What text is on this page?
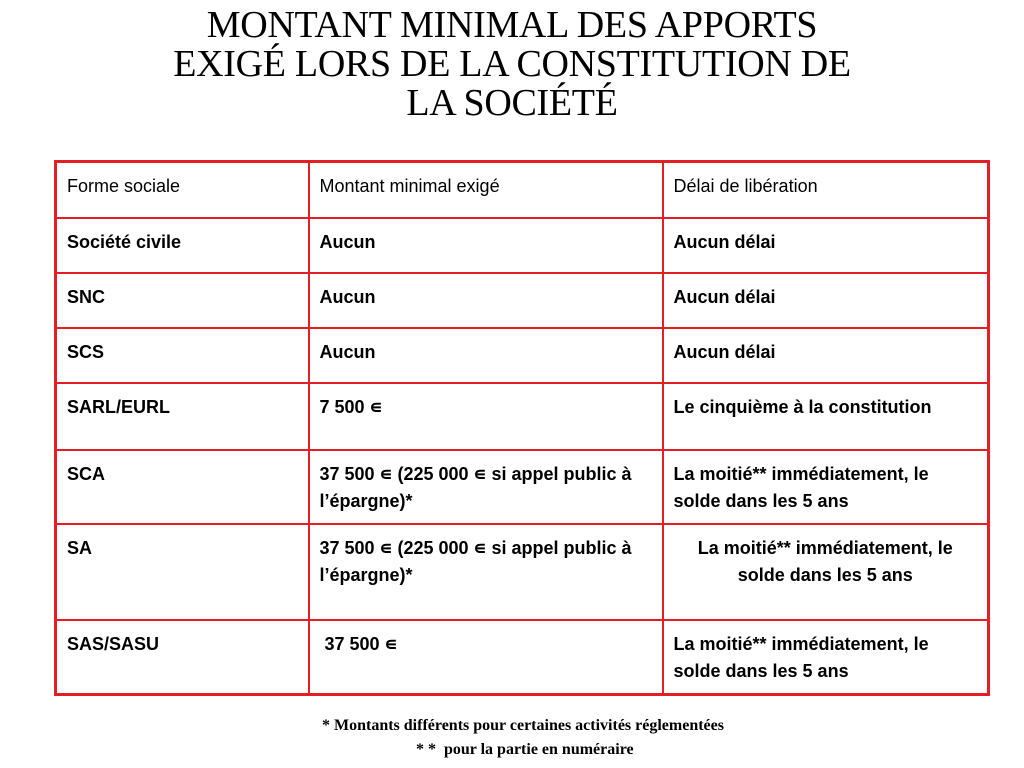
MONTANT MINIMAL DES APPORTS
EXIGÉ LORS DE LA CONSTITUTION DE
LA SOCIÉTÉ
Forme sociale	Montant minimal exigé	Délai de libération
Société civile	Aucun	Aucun délai
SNC	Aucun	Aucun délai
SCS	Aucun	Aucun délai
SARL/EURL	7 500 ∊	Le cinquième à la constitution
SCA	37 500 ∊ (225 000 ∊ si appel public à l’épargne)*	La moitié** immédiatement, le solde dans les 5 ans
SA	37 500 ∊ (225 000 ∊ si appel public à l’épargne)*	La moitié** immédiatement, le solde dans les 5 ans
SAS/SASU	37 500 ∊	La moitié** immédiatement, le solde dans les 5 ans
* Montants différents pour certaines activités réglementées
* *  pour la partie en numéraire
